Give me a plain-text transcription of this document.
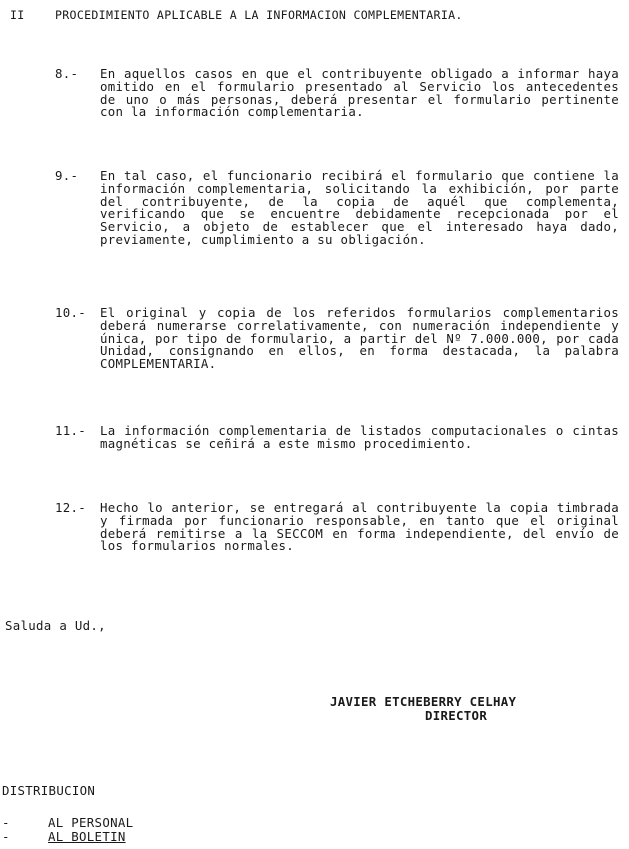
II	PROCEDIMIENTO APLICABLE A LA INFORMACION COMPLEMENTARIA.
8.-	En aquellos casos en que el contribuyente obligado a informar haya omitido en el formulario presentado al Servicio los antecedentes de uno o más personas, deberá presentar el formulario pertinente con la información complementaria.
9.-	En tal caso, el funcionario recibirá el formulario que contiene la información complementaria, solicitando la exhibición, por parte del contribuyente, de la copia de aquél que complementa, verificando que se encuentre debidamente recepcionada por el Servicio, a objeto de establecer que el interesado haya dado, previamente, cumplimiento a su obligación.
10.-	El original y copia de los referidos formularios complementarios deberá numerarse correlativamente, con numeración independiente y única, por tipo de formulario, a partir del Nº 7.000.000, por cada Unidad, consignando en ellos, en forma destacada, la palabra COMPLEMENTARIA.
11.-	La información complementaria de listados computacionales o cintas magnéticas se ceñirá a este mismo procedimiento.
12.-	Hecho lo anterior, se entregará al contribuyente la copia timbrada y firmada por funcionario responsable, en tanto que el original deberá remitirse a la SECCOM en forma independiente, del envío de los formularios normales.
Saluda a Ud.,
JAVIER ETCHEBERRY CELHAY
DIRECTOR
DISTRIBUCION
-	AL PERSONAL
-	AL BOLETIN
